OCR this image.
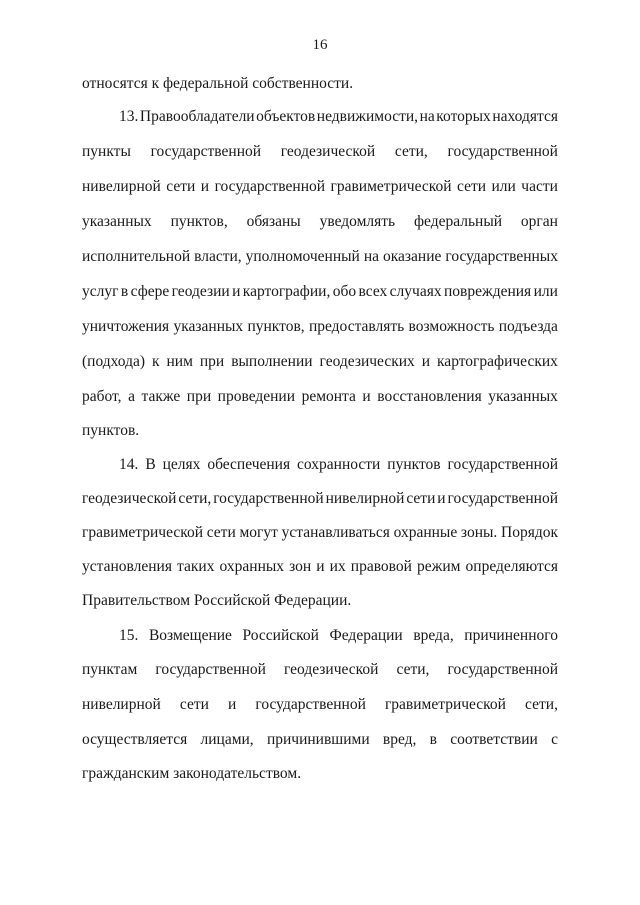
16
относятся к федеральной собственности.
13. Правообладатели объектов недвижимости, на которых находятся
пункты государственной геодезической сети, государственной
нивелирной сети и государственной гравиметрической сети или части
указанных пунктов, обязаны уведомлять федеральный орган
исполнительной власти, уполномоченный на оказание государственных
услуг в сфере геодезии и картографии, обо всех случаях повреждения или
уничтожения указанных пунктов, предоставлять возможность подъезда
(подхода) к ним при выполнении геодезических и картографических
работ, а также при проведении ремонта и восстановления указанных
пунктов.
14. В целях обеспечения сохранности пунктов государственной
геодезической сети, государственной нивелирной сети и государственной
гравиметрической сети могут устанавливаться охранные зоны. Порядок
установления таких охранных зон и их правовой режим определяются
Правительством Российской Федерации.
15. Возмещение Российской Федерации вреда, причиненного
пунктам государственной геодезической сети, государственной
нивелирной сети и государственной гравиметрической сети,
осуществляется лицами, причинившими вред, в соответствии с
гражданским законодательством.
